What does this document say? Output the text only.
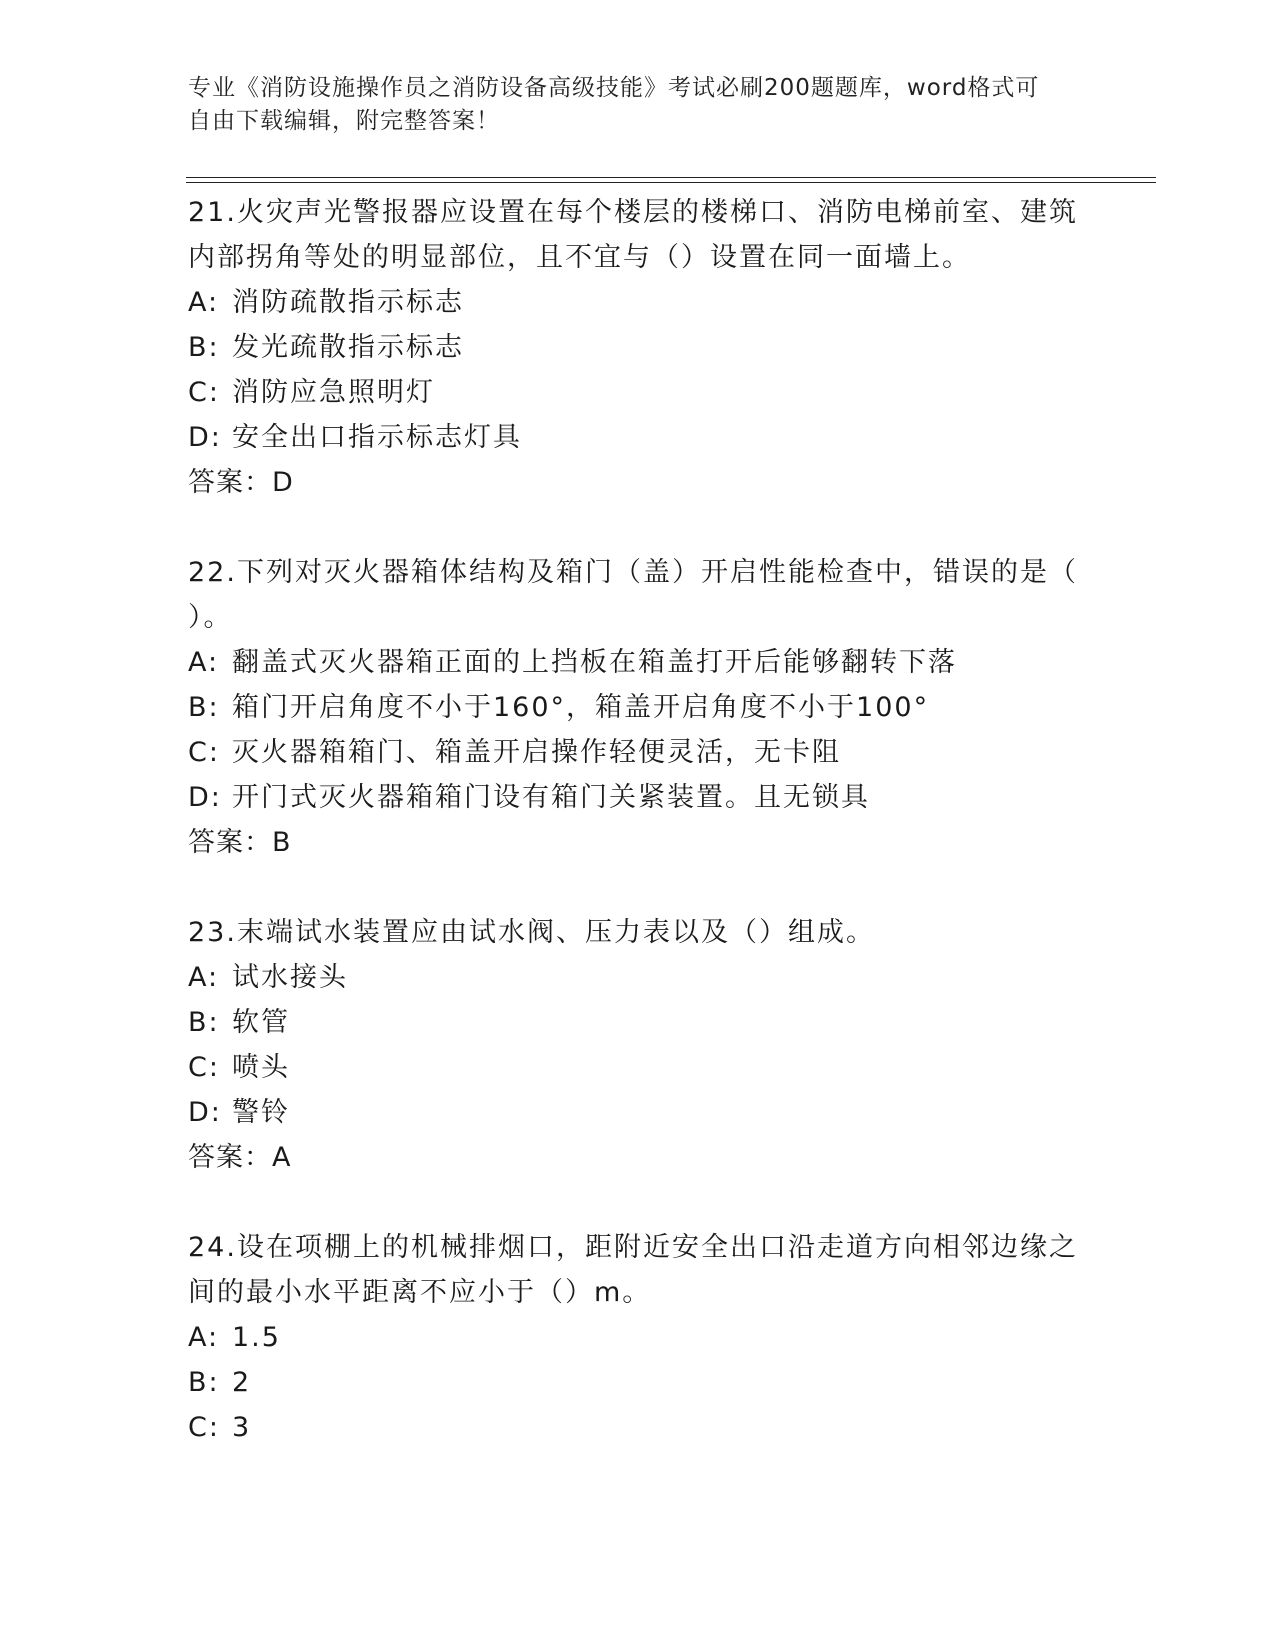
专业《消防设施操作员之消防设备高级技能》考试必刷200题题库，word格式可
自由下载编辑，附完整答案！

21.火灾声光警报器应设置在每个楼层的楼梯口、消防电梯前室、建筑

内部拐角等处的明显部位，且不宜与（）设置在同一面墙上。

A: 消防疏散指示标志

B: 发光疏散指示标志

C: 消防应急照明灯

D: 安全出口指示标志灯具

答案：D

22.下列对灭火器箱体结构及箱门（盖）开启性能检查中，错误的是（

）。

A: 翻盖式灭火器箱正面的上挡板在箱盖打开后能够翻转下落

B: 箱门开启角度不小于160°，箱盖开启角度不小于100°

C: 灭火器箱箱门、箱盖开启操作轻便灵活，无卡阻

D: 开门式灭火器箱箱门设有箱门关紧装置。且无锁具

答案：B

23.末端试水装置应由试水阀、压力表以及（）组成。

A: 试水接头

B: 软管

C: 喷头

D: 警铃

答案：A

24.设在项棚上的机械排烟口，距附近安全出口沿走道方向相邻边缘之

间的最小水平距离不应小于（）m。

A: 1.5

B: 2

C: 3
